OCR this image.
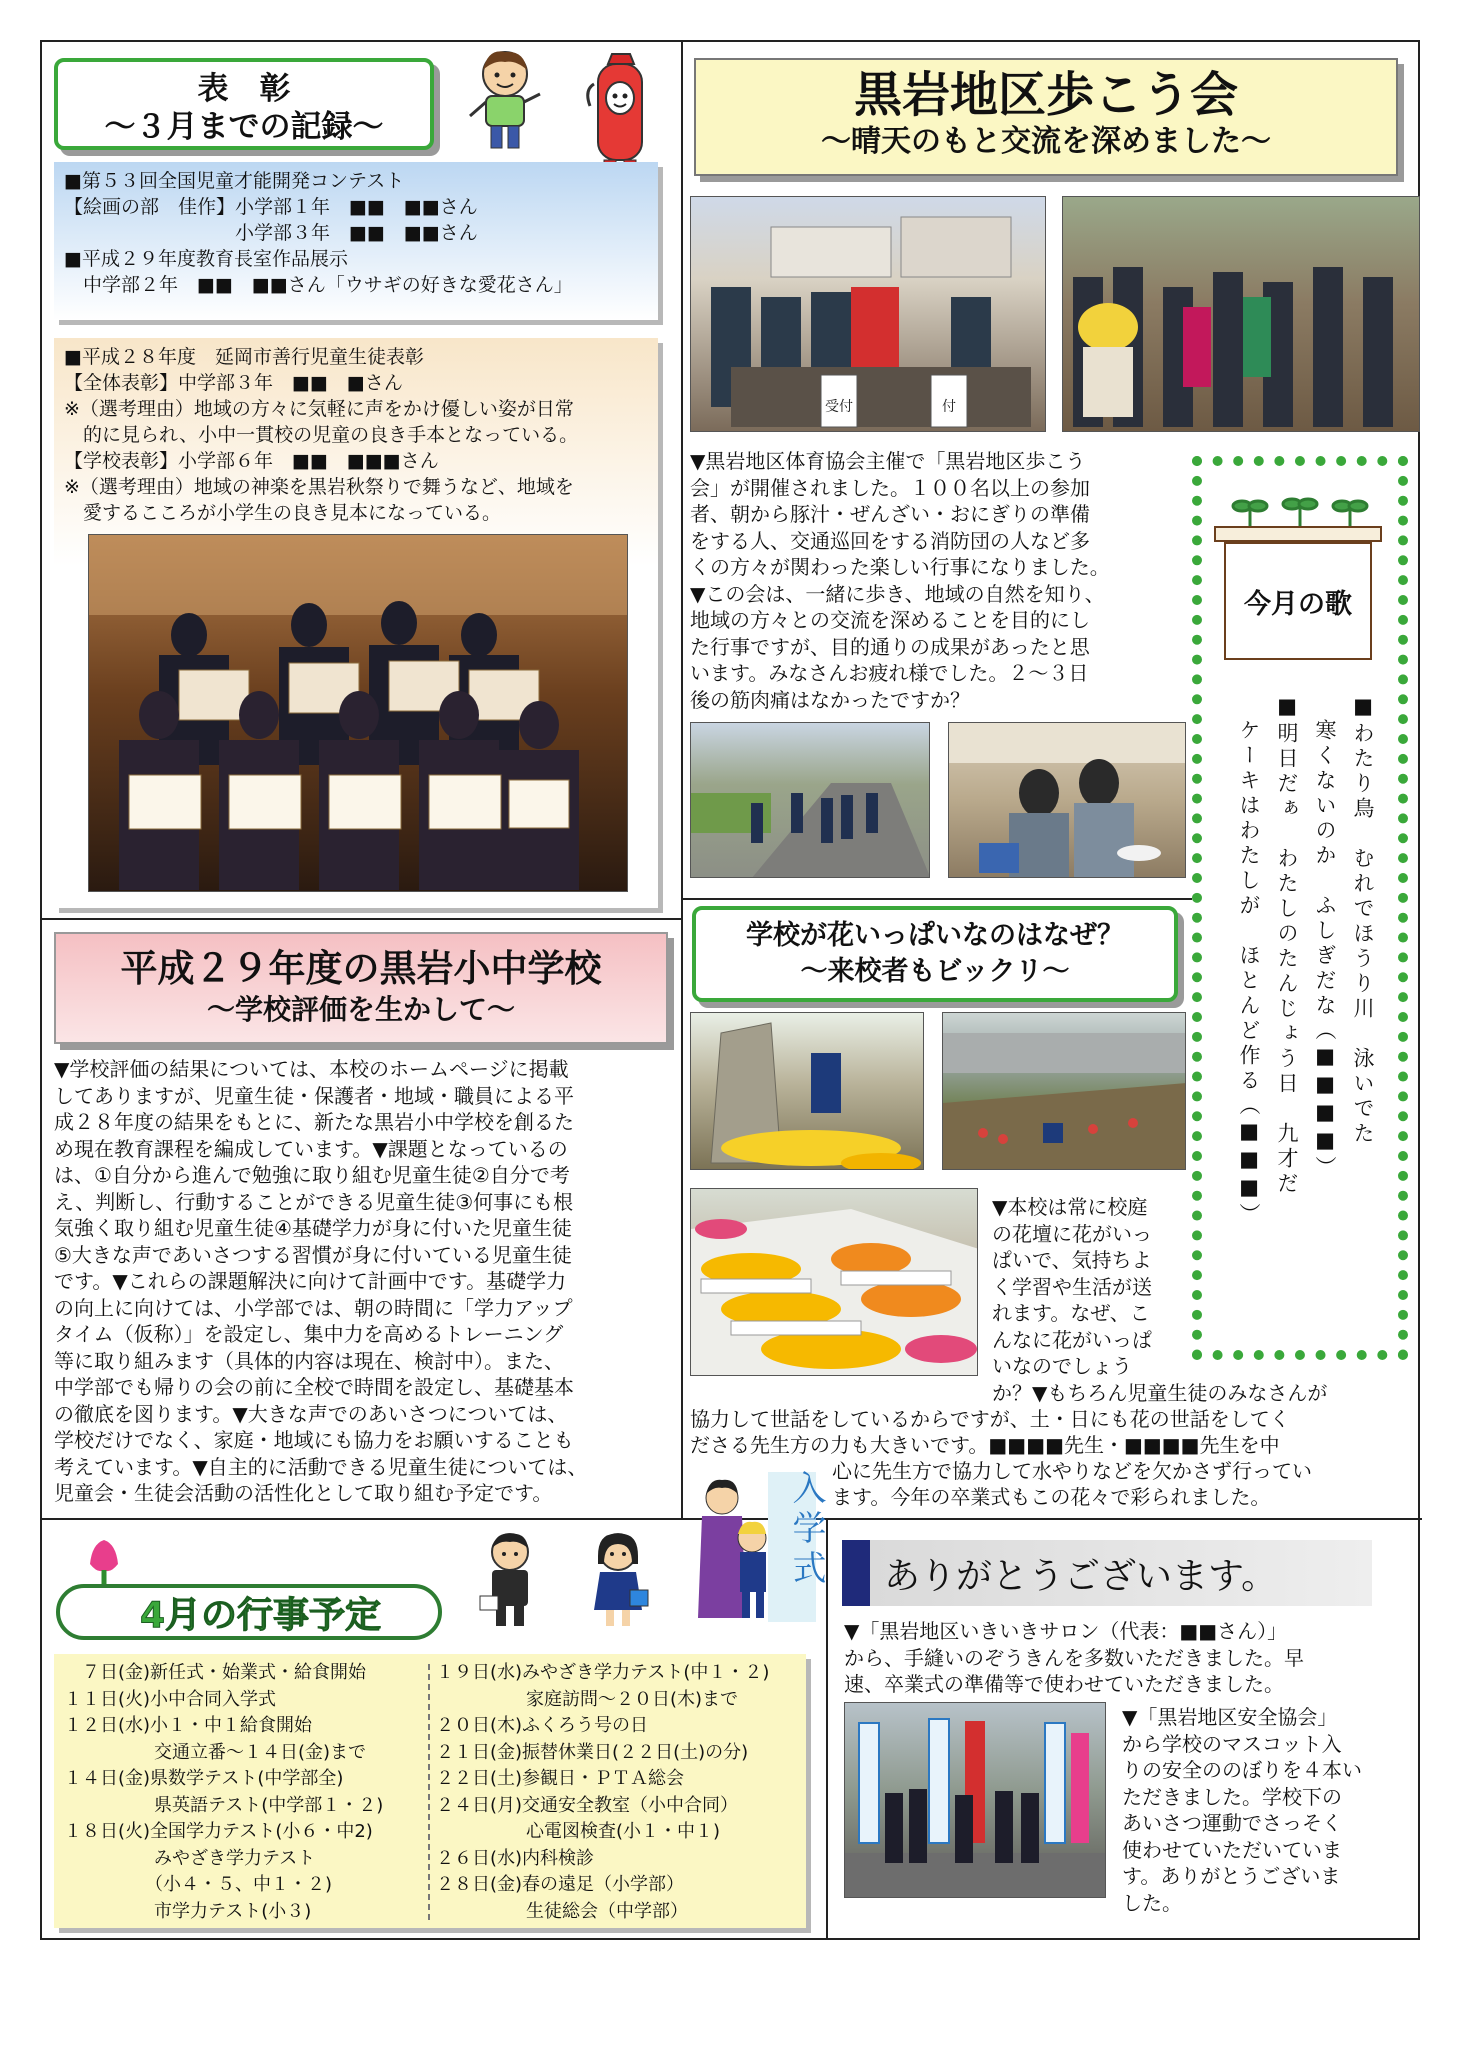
表　彰
～３月までの記録～
■第５３回全国児童才能開発コンテスト
【絵画の部　佳作】小学部１年　■■　■■さん
　　　　　　　　　小学部３年　■■　■■さん
■平成２９年度教育長室作品展示
　中学部２年　■■　■■さん「ウサギの好きな愛花さん」
■平成２８年度　延岡市善行児童生徒表彰
【全体表彰】中学部３年　■■　■さん
※（選考理由）地域の方々に気軽に声をかけ優しい姿が日常
　的に見られ、小中一貫校の児童の良き手本となっている。
【学校表彰】小学部６年　■■　■■■さん
※（選考理由）地域の神楽を黒岩秋祭りで舞うなど、地域を
　愛するこころが小学生の良き見本になっている。
黒岩地区歩こう会
～晴天のもと交流を深めました～
受付	付
▼黒岩地区体育協会主催で「黒岩地区歩こう
会」が開催されました。１００名以上の参加
者、朝から豚汁・ぜんざい・おにぎりの準備
をする人、交通巡回をする消防団の人など多
くの方々が関わった楽しい行事になりました。
▼この会は、一緒に歩き、地域の自然を知り、
地域の方々との交流を深めることを目的にし
た行事ですが、目的通りの成果があったと思
います。みなさんお疲れ様でした。２～３日
後の筋肉痛はなかったですか？
今月の歌
■わたり鳥　むれでほうり川　泳いでた
　寒くないのか　ふしぎだな（■■■■）
■明日だぁ　わたしのたんじょう日　九才だ
　ケーキはわたしが　ほとんど作る（■■■）
学校が花いっぱいなのはなぜ？
～来校者もビックリ～
▼本校は常に校庭
の花壇に花がいっ
ぱいで、気持ちよ
く学習や生活が送
れます。なぜ、こ
んなに花がいっぱ
いなのでしょう
か？▼もちろん児童生徒のみなさんが
協力して世話をしているからですが、土・日にも花の世話をしてく
ださる先生方の力も大きいです。■■■■先生・■■■■先生を中
心に先生方で協力して水やりなどを欠かさず行ってい
ます。今年の卒業式もこの花々で彩られました。
平成２９年度の黒岩小中学校
～学校評価を生かして～
▼学校評価の結果については、本校のホームページに掲載
してありますが、児童生徒・保護者・地域・職員による平
成２８年度の結果をもとに、新たな黒岩小中学校を創るた
め現在教育課程を編成しています。▼課題となっているの
は、①自分から進んで勉強に取り組む児童生徒②自分で考
え、判断し、行動することができる児童生徒③何事にも根
気強く取り組む児童生徒④基礎学力が身に付いた児童生徒
⑤大きな声であいさつする習慣が身に付いている児童生徒
です。▼これらの課題解決に向けて計画中です。基礎学力
の向上に向けては、小学部では、朝の時間に「学力アップ
タイム（仮称）」を設定し、集中力を高めるトレーニング
等に取り組みます（具体的内容は現在、検討中）。また、
中学部でも帰りの会の前に全校で時間を設定し、基礎基本
の徹底を図ります。▼大きな声でのあいさつについては、
学校だけでなく、家庭・地域にも協力をお願いすることも
考えています。▼自主的に活動できる児童生徒については、
児童会・生徒会活動の活性化として取り組む予定です。
4月の行事予定
入学式
　７日(金)新任式・始業式・給食開始
１１日(火)小中合同入学式
１２日(水)小１・中１給食開始
　　　　　交通立番～１４日(金)まで
１４日(金)県数学テスト(中学部全)
　　　　　県英語テスト(中学部１・２)
１８日(火)全国学力テスト(小６・中2)
　　　　　みやざき学力テスト
　　　　　（小４・５、中１・２)
　　　　　市学力テスト(小３)
１９日(水)みやざき学力テスト(中１・２)
　　　　　家庭訪問～２０日(木)まで
２０日(木)ふくろう号の日
２１日(金)振替休業日(２２日(土)の分)
２２日(土)参観日・ＰＴＡ総会
２４日(月)交通安全教室（小中合同）
　　　　　心電図検査(小１・中１)
２６日(水)内科検診
２８日(金)春の遠足（小学部）
　　　　　生徒総会（中学部）
ありがとうございます。
▼「黒岩地区いきいきサロン（代表：■■さん）」
から、手縫いのぞうきんを多数いただきました。早
速、卒業式の準備等で使わせていただきました。
▼「黒岩地区安全協会」
から学校のマスコット入
りの安全ののぼりを４本い
ただきました。学校下の
あいさつ運動でさっそく
使わせていただいていま
す。ありがとうございま
した。
